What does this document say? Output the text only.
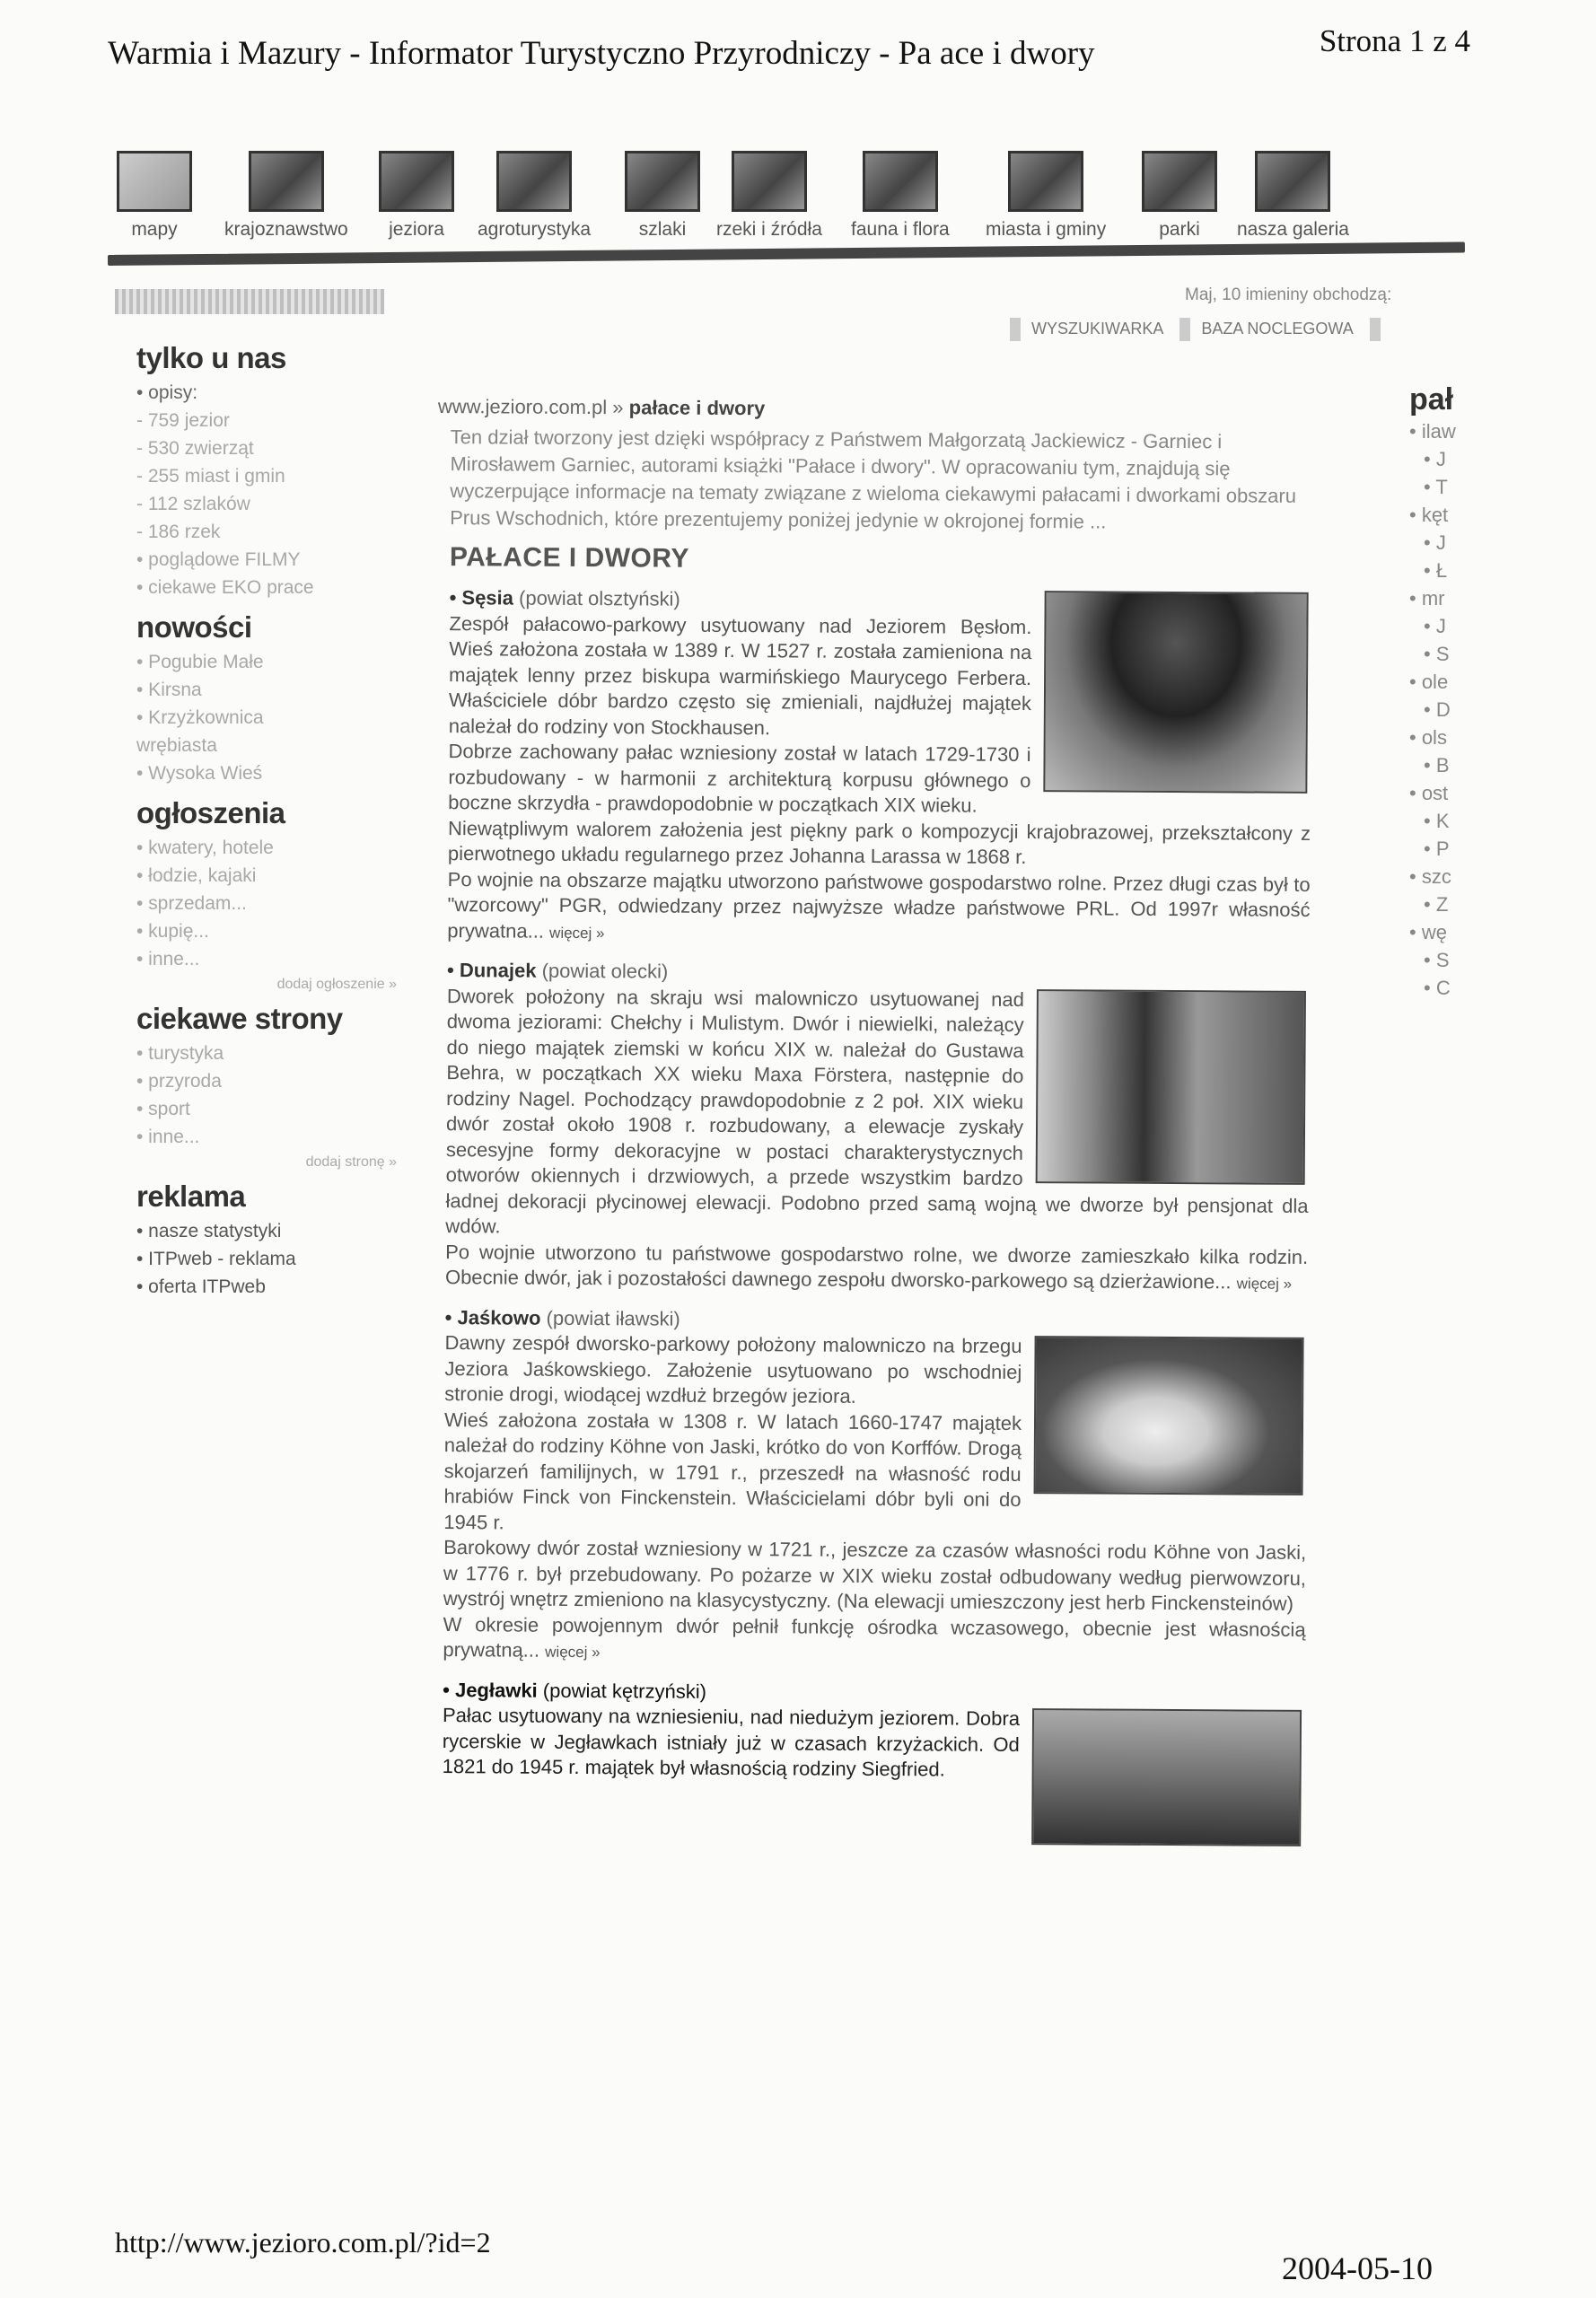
Warmia i Mazury - Informator Turystyczno Przyrodniczy - Pa ace i dwory	Strona 1 z 4
mapy	krajoznawstwo	jeziora	agroturystyka	szlaki	rzeki i źródła fauna i flora miasta i gminy	parki	nasza galeria
Maj, 10 imieniny obchodzą:
WYSZUKIWARKA BAZA NOCLEGOWA
tylko u nas
• opisy:
- 759 jezior
- 530 zwierząt
- 255 miast i gmin
- 112 szlaków
- 186 rzek
• poglądowe FILMY
• ciekawe EKO prace
nowości
• Pogubie Małe
• Kirsna
• Krzyżkownica
wrębiasta
• Wysoka Wieś
ogłoszenia
• kwatery, hotele
• łodzie, kajaki
• sprzedam...
• kupię...
• inne...
dodaj ogłoszenie »
ciekawe strony
• turystyka
• przyroda
• sport
• inne...
dodaj stronę »
reklama
• nasze statystyki
• ITPweb - reklama
• oferta ITPweb
pał
• ilaw
• J
• T
• kęt
• J
• Ł
• mr
• J
• S
• ole
• D
• ols
• B
• ost
• K
• P
• szc
• Z
• wę
• S
• C
www.jezioro.com.pl » pałace i dwory
Ten dział tworzony jest dzięki współpracy z Państwem Małgorzatą Jackiewicz - Garniec i Mirosławem Garniec, autorami książki "Pałace i dwory". W opracowaniu tym, znajdują się wyczerpujące informacje na tematy związane z wieloma ciekawymi pałacami i dworkami obszaru Prus Wschodnich, które prezentujemy poniżej jedynie w okrojonej formie ...
PAŁACE I DWORY
• Sęsia (powiat olsztyński)

Zespół pałacowo-parkowy usytuowany nad Jeziorem Bęsłom. Wieś założona została w 1389 r. W 1527 r. została zamieniona na majątek lenny przez biskupa warmińskiego Maurycego Ferbera. Właściciele dóbr bardzo często się zmieniali, najdłużej majątek należał do rodziny von Stockhausen.

Dobrze zachowany pałac wzniesiony został w latach 1729-1730 i rozbudowany - w harmonii z architekturą korpusu głównego o boczne skrzydła - prawdopodobnie w początkach XIX wieku.

Niewątpliwym walorem założenia jest piękny park o kompozycji krajobrazowej, przekształcony z pierwotnego układu regularnego przez Johanna Larassa w 1868 r.

Po wojnie na obszarze majątku utworzono państwowe gospodarstwo rolne. Przez długi czas był to "wzorcowy" PGR, odwiedzany przez najwyższe władze państwowe PRL. Od 1997r własność prywatna... więcej »

• Dunajek (powiat olecki)

Dworek położony na skraju wsi malowniczo usytuowanej nad dwoma jeziorami: Chełchy i Mulistym. Dwór i niewielki, należący do niego majątek ziemski w końcu XIX w. należał do Gustawa Behra, w początkach XX wieku Maxa Förstera, następnie do rodziny Nagel. Pochodzący prawdopodobnie z 2 poł. XIX wieku dwór został około 1908 r. rozbudowany, a elewacje zyskały secesyjne formy dekoracyjne w postaci charakterystycznych otworów okiennych i drzwiowych, a przede wszystkim bardzo ładnej dekoracji płycinowej elewacji. Podobno przed samą wojną we dworze był pensjonat dla wdów.

Po wojnie utworzono tu państwowe gospodarstwo rolne, we dworze zamieszkało kilka rodzin. Obecnie dwór, jak i pozostałości dawnego zespołu dworsko-parkowego są dzierżawione... więcej »

• Jaśkowo (powiat iławski)

Dawny zespół dworsko-parkowy położony malowniczo na brzegu Jeziora Jaśkowskiego. Założenie usytuowano po wschodniej stronie drogi, wiodącej wzdłuż brzegów jeziora.

Wieś założona została w 1308 r. W latach 1660-1747 majątek należał do rodziny Köhne von Jaski, krótko do von Korffów. Drogą skojarzeń familijnych, w 1791 r., przeszedł na własność rodu hrabiów Finck von Finckenstein. Właścicielami dóbr byli oni do 1945 r.

Barokowy dwór został wzniesiony w 1721 r., jeszcze za czasów własności rodu Köhne von Jaski, w 1776 r. był przebudowany. Po pożarze w XIX wieku został odbudowany według pierwowzoru, wystrój wnętrz zmieniono na klasycystyczny. (Na elewacji umieszczony jest herb Finckensteinów)

W okresie powojennym dwór pełnił funkcję ośrodka wczasowego, obecnie jest własnością prywatną... więcej »

• Jegławki (powiat kętrzyński)

Pałac usytuowany na wzniesieniu, nad niedużym jeziorem. Dobra rycerskie w Jegławkach istniały już w czasach krzyżackich. Od 1821 do 1945 r. majątek był własnością rodziny Siegfried.

http://www.jezioro.com.pl/?id=2
2004-05-10
